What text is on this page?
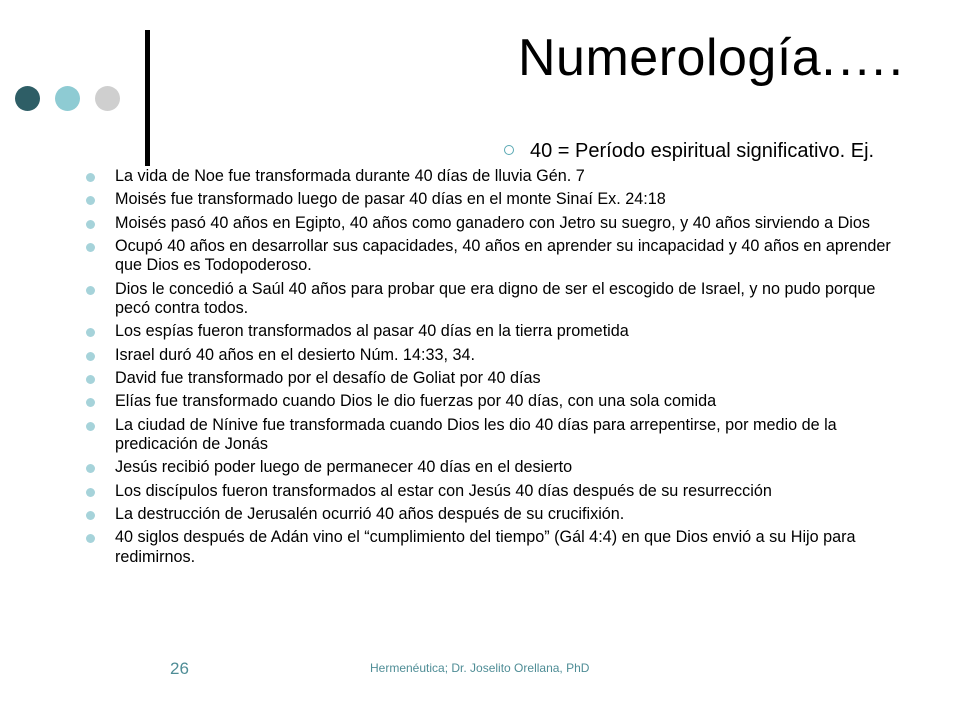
Numerología.….
40 = Período espiritual significativo. Ej.
La vida de Noe fue transformada durante 40 días de lluvia Gén. 7
Moisés fue transformado luego de pasar 40 días en el monte Sinaí Ex. 24:18
Moisés pasó 40 años en Egipto, 40 años como ganadero con Jetro su suegro, y 40 años sirviendo a Dios
Ocupó 40 años en desarrollar sus capacidades, 40 años en aprender su incapacidad y 40 años en aprender que Dios es Todopoderoso.
Dios le concedió a Saúl 40 años para probar que era digno de ser el escogido de Israel, y no pudo porque pecó contra todos.
Los espías fueron transformados al pasar 40 días en la tierra prometida
Israel duró 40 años en el desierto Núm. 14:33, 34.
David fue transformado por el desafío de Goliat por 40 días
Elías fue transformado cuando Dios le dio fuerzas por 40 días, con una sola comida
La ciudad de Nínive fue transformada cuando Dios les dio 40 días para arrepentirse, por medio de la predicación de Jonás
Jesús recibió poder luego de permanecer 40 días en el desierto
Los discípulos fueron transformados al estar con Jesús 40 días después de su resurrección
La destrucción de Jerusalén ocurrió 40 años después de su crucifixión.
40 siglos después de Adán vino el “cumplimiento del tiempo” (Gál 4:4) en que Dios envió a su Hijo para redimirnos.
26	Hermenéutica; Dr. Joselito Orellana, PhD
